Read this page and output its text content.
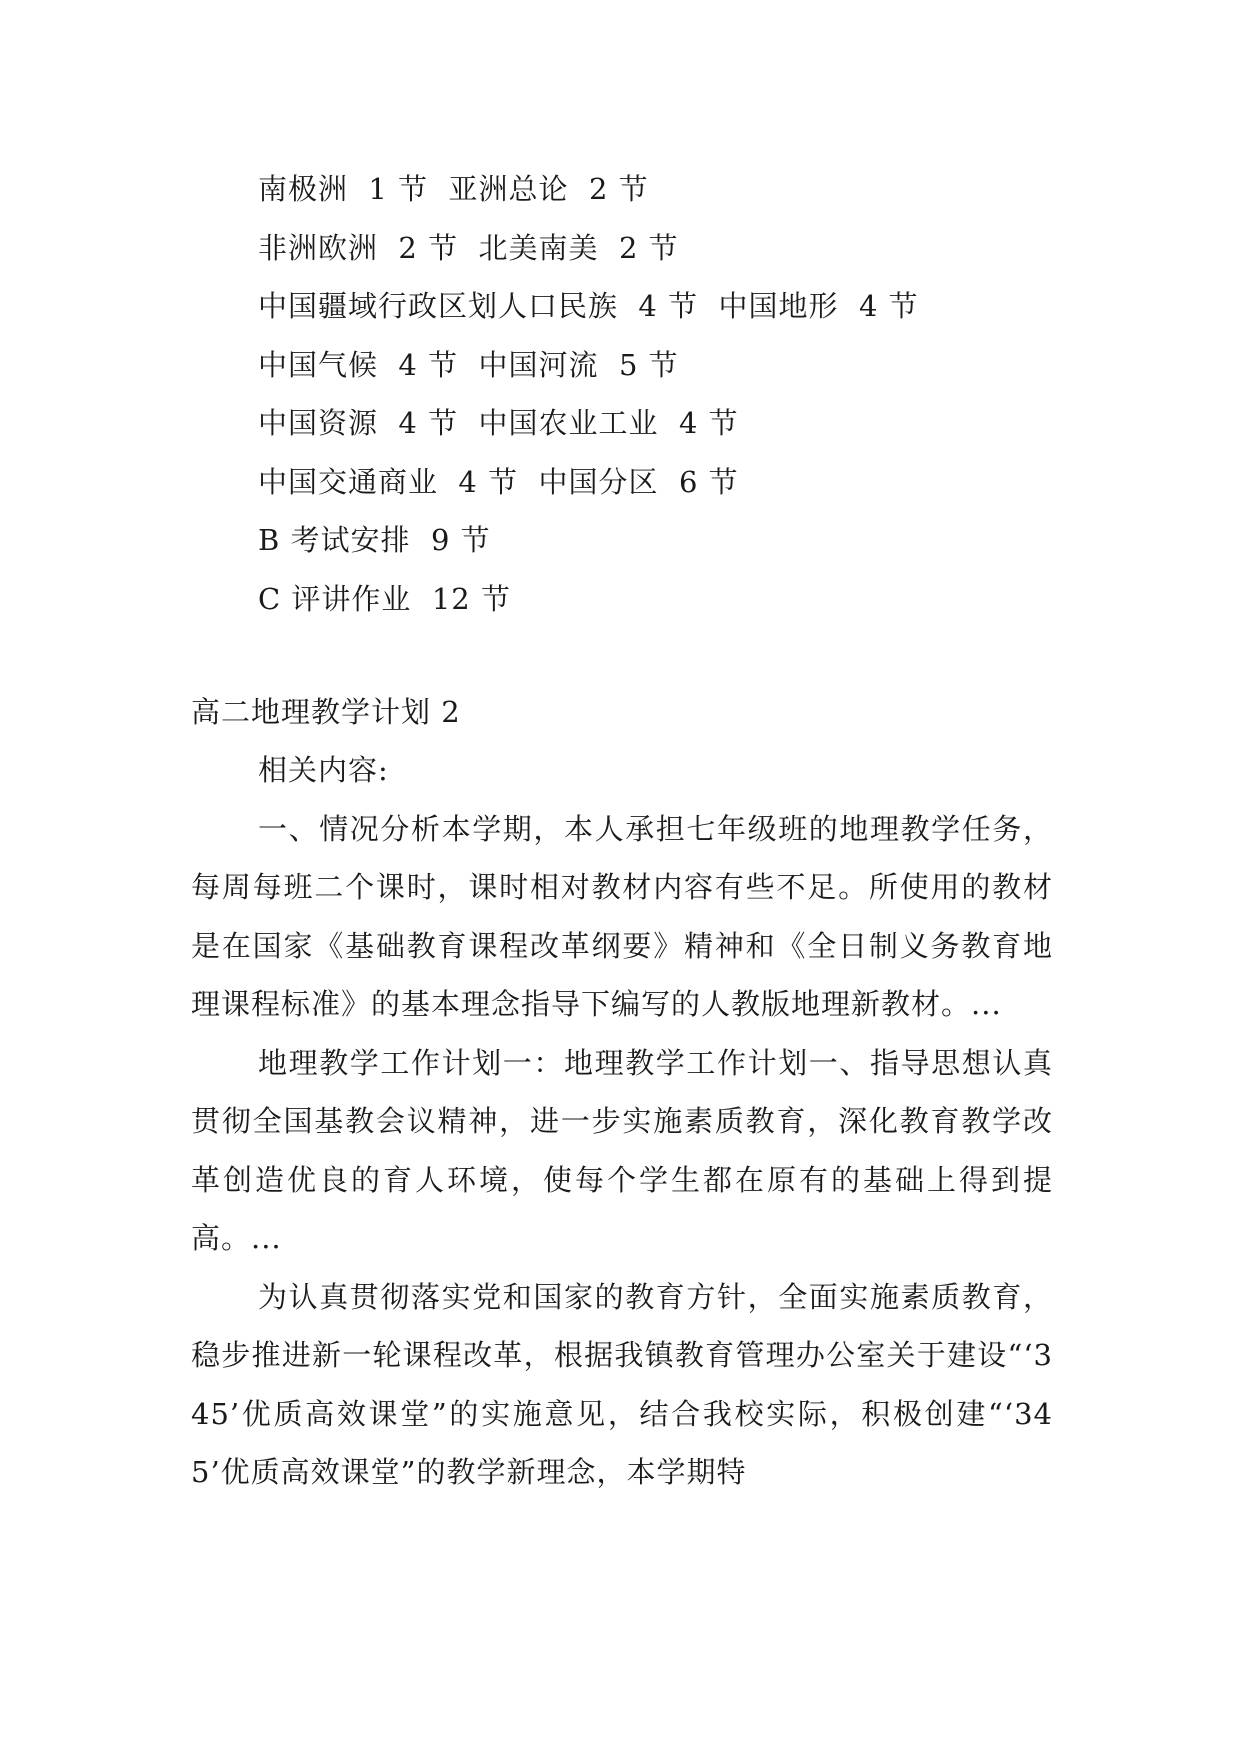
南极洲  1 节  亚洲总论  2 节
非洲欧洲  2 节  北美南美  2 节
中国疆域行政区划人口民族  4 节  中国地形  4 节
中国气候  4 节  中国河流  5 节
中国资源  4 节  中国农业工业  4 节
中国交通商业  4 节  中国分区  6 节
B 考试安排  9 节
C 评讲作业  12 节
高二地理教学计划 2

相关内容:

一、情况分析本学期，本人承担七年级班的地理教学任务，每周每班二个课时，课时相对教材内容有些不足。所使用的教材是在国家《基础教育课程改革纲要》精神和《全日制义务教育地理课程标准》的基本理念指导下编写的人教版地理新教材。...

地理教学工作计划一：地理教学工作计划一、指导思想认真贯彻全国基教会议精神，进一步实施素质教育，深化教育教学改革创造优良的育人环境，使每个学生都在原有的基础上得到提高。...

为认真贯彻落实党和国家的教育方针，全面实施素质教育，稳步推进新一轮课程改革，根据我镇教育管理办公室关于建设“‘345’优质高效课堂”的实施意见，结合我校实际，积极创建“‘345’优质高效课堂”的教学新理念，本学期特
